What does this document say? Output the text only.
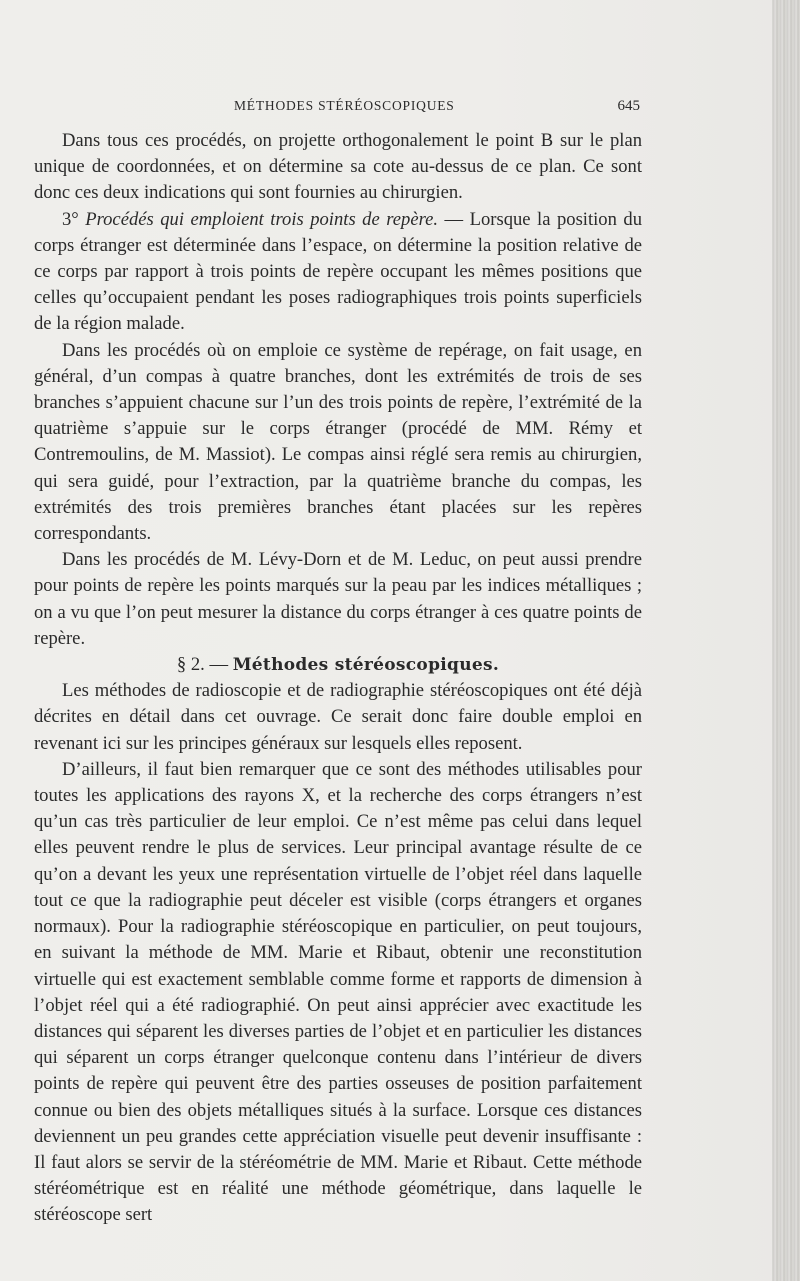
MÉTHODES STÉRÉOSCOPIQUES	645

Dans tous ces procédés, on projette orthogonalement le point B sur le plan unique de coordonnées, et on détermine sa cote au-dessus de ce plan. Ce sont donc ces deux indications qui sont fournies au chirurgien.

3° Procédés qui emploient trois points de repère. — Lorsque la position du corps étranger est déterminée dans l’espace, on détermine la position relative de ce corps par rapport à trois points de repère occupant les mêmes positions que celles qu’occupaient pendant les poses radiographiques trois points superficiels de la région malade.

Dans les procédés où on emploie ce système de repérage, on fait usage, en général, d’un compas à quatre branches, dont les extrémités de trois de ses branches s’appuient chacune sur l’un des trois points de repère, l’extrémité de la quatrième s’appuie sur le corps étranger (procédé de MM. Rémy et Contremoulins, de M. Massiot). Le compas ainsi réglé sera remis au chirurgien, qui sera guidé, pour l’extraction, par la quatrième branche du compas, les extrémités des trois premières branches étant placées sur les repères correspondants.

Dans les procédés de M. Lévy-Dorn et de M. Leduc, on peut aussi prendre pour points de repère les points marqués sur la peau par les indices métalliques ; on a vu que l’on peut mesurer la distance du corps étranger à ces quatre points de repère.

§ 2. — Méthodes stéréoscopiques.

Les méthodes de radioscopie et de radiographie stéréoscopiques ont été déjà décrites en détail dans cet ouvrage. Ce serait donc faire double emploi en revenant ici sur les principes généraux sur lesquels elles reposent.

D’ailleurs, il faut bien remarquer que ce sont des méthodes utilisables pour toutes les applications des rayons X, et la recherche des corps étrangers n’est qu’un cas très particulier de leur emploi. Ce n’est même pas celui dans lequel elles peuvent rendre le plus de services. Leur principal avantage résulte de ce qu’on a devant les yeux une représentation virtuelle de l’objet réel dans laquelle tout ce que la radiographie peut déceler est visible (corps étrangers et organes normaux). Pour la radiographie stéréoscopique en particulier, on peut toujours, en suivant la méthode de MM. Marie et Ribaut, obtenir une reconstitution virtuelle qui est exactement semblable comme forme et rapports de dimension à l’objet réel qui a été radiographié. On peut ainsi apprécier avec exactitude les distances qui séparent les diverses parties de l’objet et en particulier les distances qui séparent un corps étranger quelconque contenu dans l’intérieur de divers points de repère qui peuvent être des parties osseuses de position parfaitement connue ou bien des objets métalliques situés à la surface. Lorsque ces distances deviennent un peu grandes cette appréciation visuelle peut devenir insuffisante : Il faut alors se servir de la stéréométrie de MM. Marie et Ribaut. Cette méthode stéréométrique est en réalité une méthode géométrique, dans laquelle le stéréoscope sert
